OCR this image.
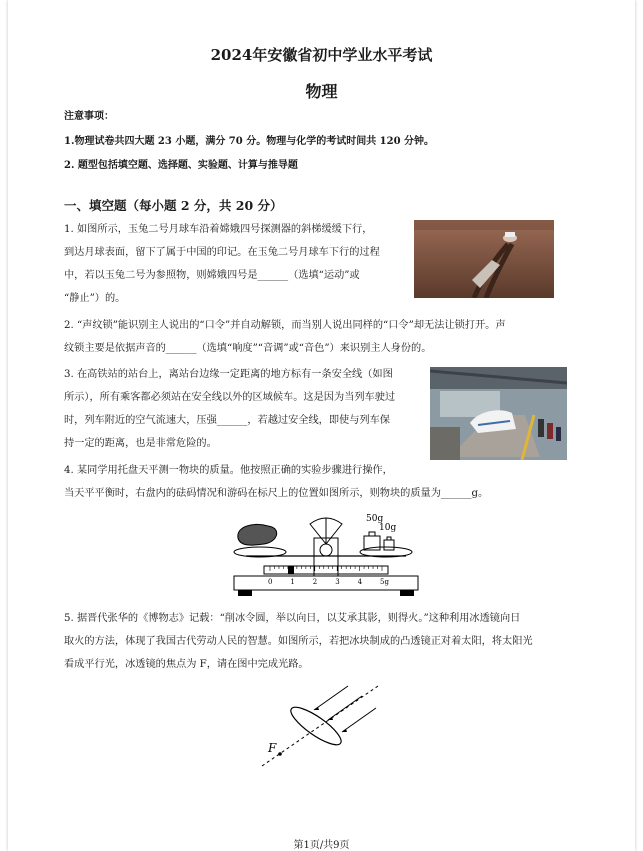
2024年安徽省初中学业水平考试
物理
注意事项：
1.物理试卷共四大题 23 小题，满分 70 分。物理与化学的考试时间共 120 分钟。
2. 题型包括填空题、选择题、实验题、计算与推导题
一、填空题（每小题 2 分，共 20 分）
1. 如图所示，玉兔二号月球车沿着嫦娥四号探测器的斜梯缓缓下行，
到达月球表面，留下了属于中国的印记。在玉兔二号月球车下行的过程
中，若以玉兔二号为参照物，则嫦娥四号是______（选填“运动”或
“静止”）的。
2. “声纹锁”能识别主人说出的“口令”并自动解锁，而当别人说出同样的“口令”却无法让锁打开。声
纹锁主要是依据声音的______（选填“响度”“音调”或“音色”）来识别主人身份的。
3. 在高铁站的站台上，离站台边缘一定距离的地方标有一条安全线（如图
所示），所有乘客都必须站在安全线以外的区域候车。这是因为当列车驶过
时，列车附近的空气流速大，压强______，若越过安全线，即使与列车保
持一定的距离，也是非常危险的。
4. 某同学用托盘天平测一物块的质量。他按照正确的实验步骤进行操作，
当天平平衡时，右盘内的砝码情况和游码在标尺上的位置如图所示，则物块的质量为______g。
50g
10g
0	1	2	3	4	5g
5. 据晋代张华的《博物志》记载：“削冰令圆，举以向日，以艾承其影，则得火。”这种利用冰透镜向日
取火的方法，体现了我国古代劳动人民的智慧。如图所示，若把冰块制成的凸透镜正对着太阳，将太阳光
看成平行光，冰透镜的焦点为 F，请在图中完成光路。
F
第1页/共9页
